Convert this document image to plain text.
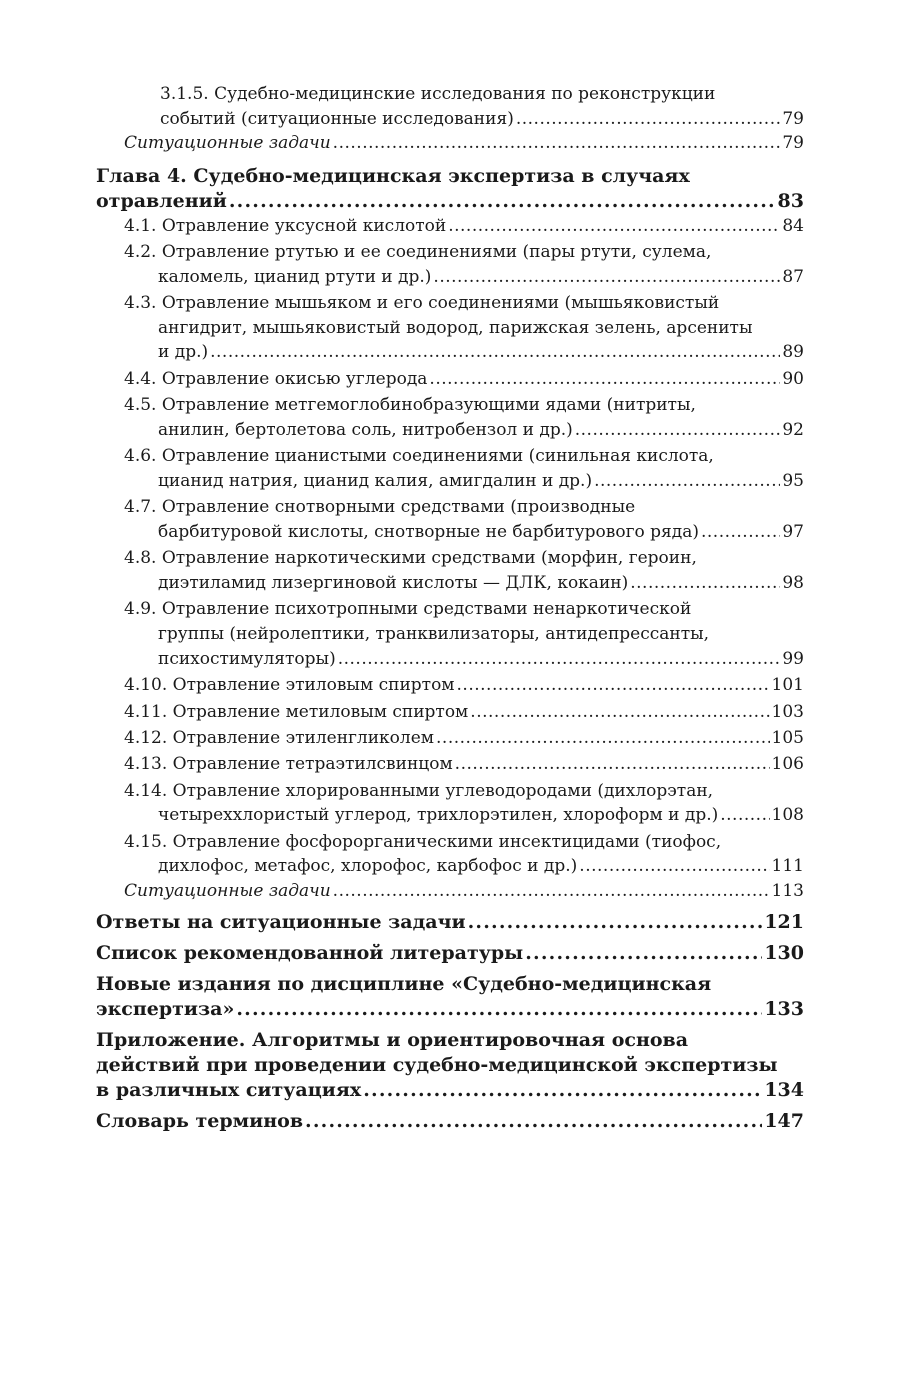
3.1.5. Судебно-медицинские исследования по реконструкции
событий (ситуационные исследования) .....	79
Ситуационные задачи .....	79
Глава 4. Судебно-медицинская экспертиза в случаях
отравлений .....	83
4.1. Отравление уксусной кислотой .....	84
4.2. Отравление ртутью и ее соединениями (пары ртути, сулема,
каломель, цианид ртути и др.) .....	87
4.3. Отравление мышьяком и его соединениями (мышьяковистый
ангидрит, мышьяковистый водород, парижская зелень, арсениты
и др.) .....	89
4.4. Отравление окисью углерода .....	90
4.5. Отравление метгемоглобинобразующими ядами (нитриты,
анилин, бертолетова соль, нитробензол и др.) .....	92
4.6. Отравление цианистыми соединениями (синильная кислота,
цианид натрия, цианид калия, амигдалин и др.) .....	95
4.7. Отравление снотворными средствами (производные
барбитуровой кислоты, снотворные не барбитурового ряда) .....	97
4.8. Отравление наркотическими средствами (морфин, героин,
диэтиламид лизергиновой кислоты — ДЛК, кокаин) .....	98
4.9. Отравление психотропными средствами ненаркотической
группы (нейролептики, транквилизаторы, антидепрессанты,
психостимуляторы) .....	99
4.10. Отравление этиловым спиртом .....	101
4.11. Отравление метиловым спиртом .....	103
4.12. Отравление этиленгликолем .....	105
4.13. Отравление тетраэтилсвинцом .....	106
4.14. Отравление хлорированными углеводородами (дихлорэтан,
четыреххлористый углерод, трихлорэтилен, хлороформ и др.) .....	108
4.15. Отравление фосфорорганическими инсектицидами (тиофос,
дихлофос, метафос, хлорофос, карбофос и др.) .....	111
Ситуационные задачи .....	113
Ответы на ситуационные задачи .....	121
Список рекомендованной литературы .....	130
Новые издания по дисциплине «Судебно-медицинская
экспертиза» .....	133
Приложение. Алгоритмы и ориентировочная основа
действий при проведении судебно-медицинской экспертизы
в различных ситуациях .....	134
Словарь терминов .....	147
